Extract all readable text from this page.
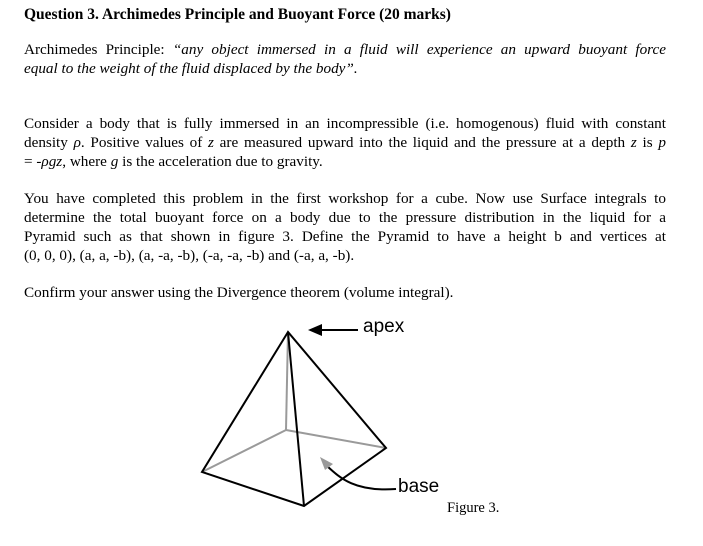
Question 3. Archimedes Principle and Buoyant Force (20 marks)
Archimedes Principle: “any object immersed in a fluid will experience an upward buoyant force
equal to the weight of the fluid displaced by the body”.
Consider a body that is fully immersed in an incompressible (i.e. homogenous) fluid with constant
density ρ. Positive values of z are measured upward into the liquid and the pressure at a depth z is p
= -ρgz, where g is the acceleration due to gravity.
You have completed this problem in the first workshop for a cube. Now use Surface integrals to
determine the total buoyant force on a body due to the pressure distribution in the liquid for a
Pyramid such as that shown in figure 3. Define the Pyramid to have a height b and vertices at
(0, 0, 0), (a, a, -b), (a, -a, -b), (-a, -a, -b) and (-a, a, -b).
Confirm your answer using the Divergence theorem (volume integral).
apex
base
Figure 3.
